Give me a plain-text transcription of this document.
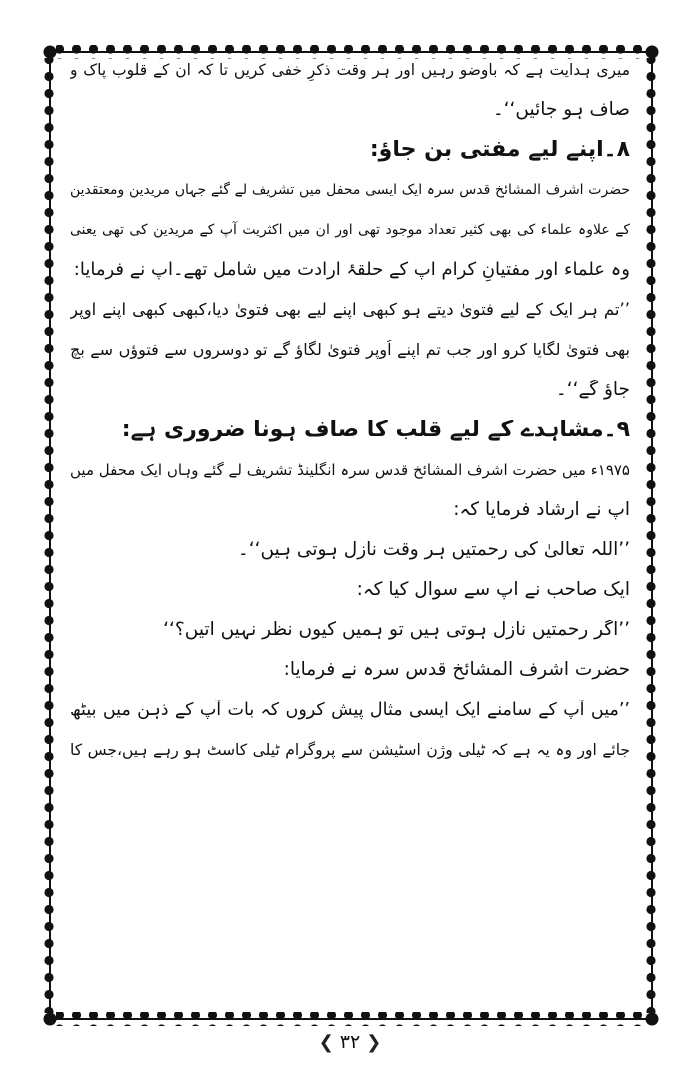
میری ہدایت ہے کہ باوضو رہیں اور ہر وقت ذکرِ خفی کریں تا کہ ان کے قلوب پاک و
صاف ہو جائیں‘‘۔
۸۔اپنے لیے مفتی بن جاؤ:
حضرت اشرف المشائخ قدس سرہ ایک ایسی محفل میں تشریف لے گئے جہاں مریدین ومعتقدین
کے علاوہ علماء کی بھی کثیر تعداد موجود تھی اور ان میں اکثریت آپ کے مریدین کی تھی یعنی
وہ علماء اور مفتیانِ کرام آپ کے حلقۂ ارادت میں شامل تھے۔آپ نے فرمایا:
’’تم ہر ایک کے لیے فتویٰ دیتے ہو کبھی اپنے لیے بھی فتویٰ دیا،کبھی کبھی اپنے اوپر
بھی فتویٰ لگایا کرو اور جب تم اپنے اُوپر فتویٰ لگاؤ گے تو دوسروں سے فتوؤں سے بچ
جاؤ گے‘‘۔
۹۔مشاہدے کے لیے قلب کا صاف ہونا ضروری ہے:
۱۹۷۵ء میں حضرت اشرف المشائخ قدس سرہ انگلینڈ تشریف لے گئے وہاں ایک محفل میں
آپ نے ارشاد فرمایا کہ:
’’اللہ تعالیٰ کی رحمتیں ہر وقت نازل ہوتی ہیں‘‘۔
ایک صاحب نے آپ سے سوال کیا کہ:
’’اگر رحمتیں نازل ہوتی ہیں تو ہمیں کیوں نظر نہیں آتیں؟‘‘
حضرت اشرف المشائخ قدس سرہ نے فرمایا:
’’میں آپ کے سامنے ایک ایسی مثال پیش کروں کہ بات آپ کے ذہن میں بیٹھ
جائے اور وہ یہ ہے کہ ٹیلی وژن اسٹیشن سے پروگرام ٹیلی کاسٹ ہو رہے ہیں،جس کا
❮۳۲❯
